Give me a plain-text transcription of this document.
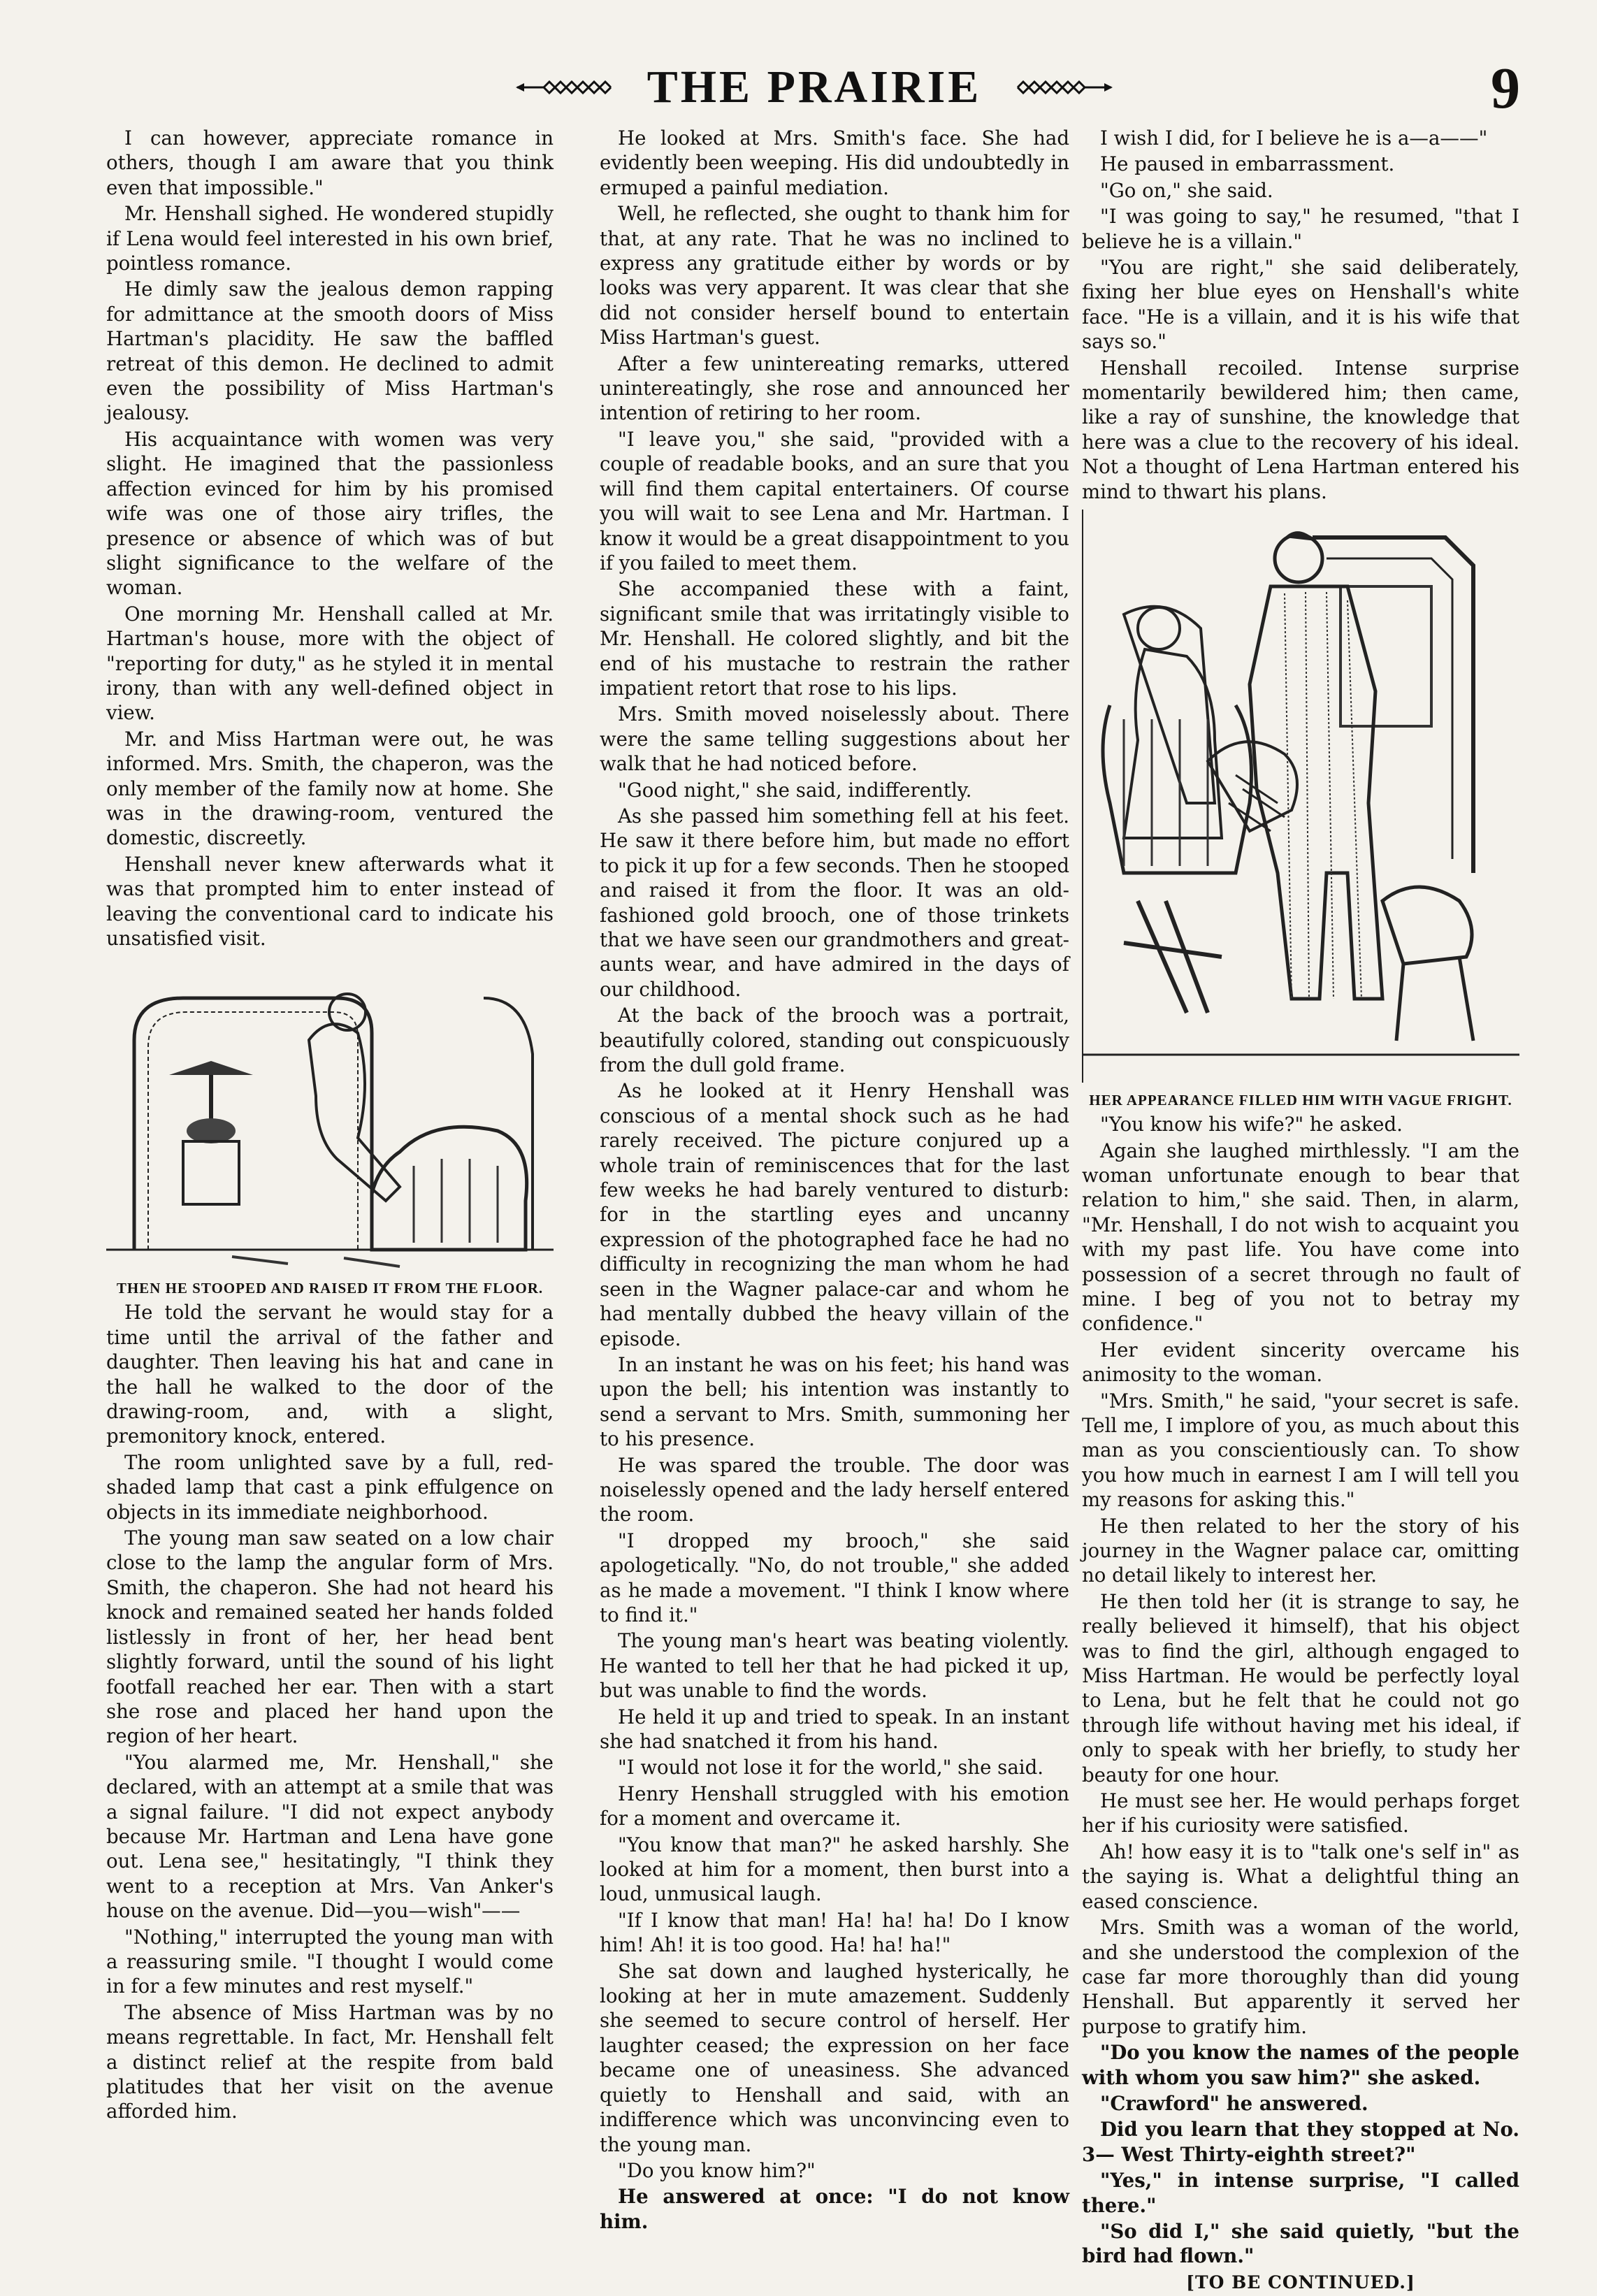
THE PRAIRIE	9

I can however, appreciate romance in others, though I am aware that you think even that impossible."

Mr. Henshall sighed. He wondered stupidly if Lena would feel interested in his own brief, pointless romance.

He dimly saw the jealous demon rapping for admittance at the smooth doors of Miss Hartman's placidity. He saw the baffled retreat of this demon. He declined to admit even the possibility of Miss Hartman's jealousy.

His acquaintance with women was very slight. He imagined that the passionless affection evinced for him by his promised wife was one of those airy trifles, the presence or absence of which was of but slight significance to the welfare of the woman.

One morning Mr. Henshall called at Mr. Hartman's house, more with the object of "reporting for duty," as he styled it in mental irony, than with any well-defined object in view.

Mr. and Miss Hartman were out, he was informed. Mrs. Smith, the chaperon, was the only member of the family now at home. She was in the drawing-room, ventured the domestic, discreetly.

Henshall never knew afterwards what it was that prompted him to enter instead of leaving the conventional card to indicate his unsatisfied visit.

THEN HE STOOPED AND RAISED IT FROM THE FLOOR.

He told the servant he would stay for a time until the arrival of the father and daughter. Then leaving his hat and cane in the hall he walked to the door of the drawing-room, and, with a slight, premonitory knock, entered.

The room unlighted save by a full, red-shaded lamp that cast a pink effulgence on objects in its immediate neighborhood.

The young man saw seated on a low chair close to the lamp the angular form of Mrs. Smith, the chaperon. She had not heard his knock and remained seated her hands folded listlessly in front of her, her head bent slightly forward, until the sound of his light footfall reached her ear. Then with a start she rose and placed her hand upon the region of her heart.

"You alarmed me, Mr. Henshall," she declared, with an attempt at a smile that was a signal failure. "I did not expect anybody because Mr. Hartman and Lena have gone out. Lena see," hesitatingly, "I think they went to a reception at Mrs. Van Anker's house on the avenue. Did—you—wish"——

"Nothing," interrupted the young man with a reassuring smile. "I thought I would come in for a few minutes and rest myself."

The absence of Miss Hartman was by no means regrettable. In fact, Mr. Henshall felt a distinct relief at the respite from bald platitudes that her visit on the avenue afforded him.

He looked at Mrs. Smith's face. She had evidently been weeping. His did undoubtedly in ermuped a painful mediation.

Well, he reflected, she ought to thank him for that, at any rate. That he was no inclined to express any gratitude either by words or by looks was very apparent. It was clear that she did not consider herself bound to entertain Miss Hartman's guest.

After a few unintereating remarks, uttered unintereatingly, she rose and announced her intention of retiring to her room.

"I leave you," she said, "provided with a couple of readable books, and an sure that you will find them capital entertainers. Of course you will wait to see Lena and Mr. Hartman. I know it would be a great disappointment to you if you failed to meet them.

She accompanied these with a faint, significant smile that was irritatingly visible to Mr. Henshall. He colored slightly, and bit the end of his mustache to restrain the rather impatient retort that rose to his lips.

Mrs. Smith moved noiselessly about. There were the same telling suggestions about her walk that he had noticed before.

"Good night," she said, indifferently.

As she passed him something fell at his feet. He saw it there before him, but made no effort to pick it up for a few seconds. Then he stooped and raised it from the floor. It was an old-fashioned gold brooch, one of those trinkets that we have seen our grandmothers and great-aunts wear, and have admired in the days of our childhood.

At the back of the brooch was a portrait, beautifully colored, standing out conspicuously from the dull gold frame.

As he looked at it Henry Henshall was conscious of a mental shock such as he had rarely received. The picture conjured up a whole train of reminiscences that for the last few weeks he had barely ventured to disturb: for in the startling eyes and uncanny expression of the photographed face he had no difficulty in recognizing the man whom he had seen in the Wagner palace-car and whom he had mentally dubbed the heavy villain of the episode.

In an instant he was on his feet; his hand was upon the bell; his intention was instantly to send a servant to Mrs. Smith, summoning her to his presence.

He was spared the trouble. The door was noiselessly opened and the lady herself entered the room.

"I dropped my brooch," she said apologetically. "No, do not trouble," she added as he made a movement. "I think I know where to find it."

The young man's heart was beating violently. He wanted to tell her that he had picked it up, but was unable to find the words.

He held it up and tried to speak. In an instant she had snatched it from his hand.

"I would not lose it for the world," she said.

Henry Henshall struggled with his emotion for a moment and overcame it.

"You know that man?" he asked harshly. She looked at him for a moment, then burst into a loud, unmusical laugh.

"If I know that man! Ha! ha! ha! Do I know him! Ah! it is too good. Ha! ha! ha!"

She sat down and laughed hysterically, he looking at her in mute amazement. Suddenly she seemed to secure control of herself. Her laughter ceased; the expression on her face became one of uneasiness. She advanced quietly to Henshall and said, with an indifference which was unconvincing even to the young man.

"Do you know him?"

He answered at once: "I do not know him.

I wish I did, for I believe he is a—a——"

He paused in embarrassment.

"Go on," she said.

"I was going to say," he resumed, "that I believe he is a villain."

"You are right," she said deliberately, fixing her blue eyes on Henshall's white face. "He is a villain, and it is his wife that says so."

Henshall recoiled. Intense surprise momentarily bewildered him; then came, like a ray of sunshine, the knowledge that here was a clue to the recovery of his ideal. Not a thought of Lena Hartman entered his mind to thwart his plans.

HER APPEARANCE FILLED HIM WITH VAGUE FRIGHT.

"You know his wife?" he asked.

Again she laughed mirthlessly. "I am the woman unfortunate enough to bear that relation to him," she said. Then, in alarm, "Mr. Henshall, I do not wish to acquaint you with my past life. You have come into possession of a secret through no fault of mine. I beg of you not to betray my confidence."

Her evident sincerity overcame his animosity to the woman.

"Mrs. Smith," he said, "your secret is safe. Tell me, I implore of you, as much about this man as you conscientiously can. To show you how much in earnest I am I will tell you my reasons for asking this."

He then related to her the story of his journey in the Wagner palace car, omitting no detail likely to interest her.

He then told her (it is strange to say, he really believed it himself), that his object was to find the girl, although engaged to Miss Hartman. He would be perfectly loyal to Lena, but he felt that he could not go through life without having met his ideal, if only to speak with her briefly, to study her beauty for one hour.

He must see her. He would perhaps forget her if his curiosity were satisfied.

Ah! how easy it is to "talk one's self in" as the saying is. What a delightful thing an eased conscience.

Mrs. Smith was a woman of the world, and she understood the complexion of the case far more thoroughly than did young Henshall. But apparently it served her purpose to gratify him.

"Do you know the names of the people with whom you saw him?" she asked.

"Crawford" he answered.

Did you learn that they stopped at No. 3— West Thirty-eighth street?"

"Yes," in intense surprise, "I called there."

"So did I," she said quietly, "but the bird had flown."

[TO BE CONTINUED.]
